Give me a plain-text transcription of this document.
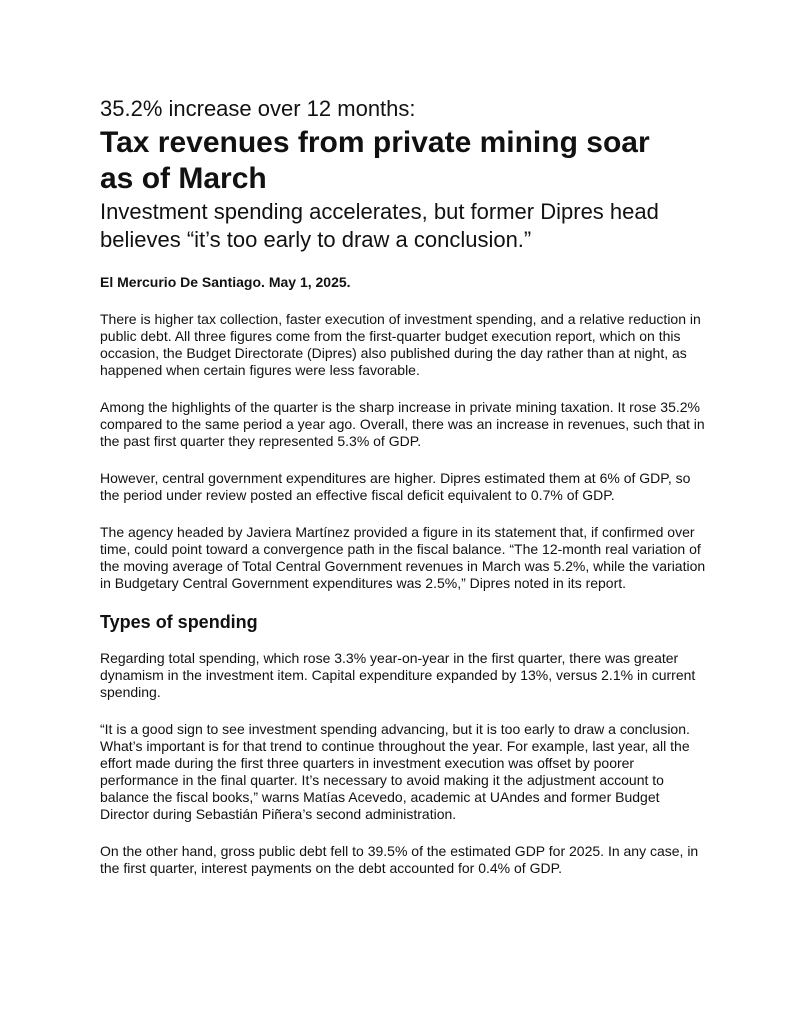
35.2% increase over 12 months:

Tax revenues from private mining soar
as of March

Investment spending accelerates, but former Dipres head
believes “it’s too early to draw a conclusion.”

El Mercurio De Santiago. May 1, 2025.

There is higher tax collection, faster execution of investment spending, and a relative reduction in public debt. All three figures come from the first-quarter budget execution report, which on this occasion, the Budget Directorate (Dipres) also published during the day rather than at night, as happened when certain figures were less favorable.

Among the highlights of the quarter is the sharp increase in private mining taxation. It rose 35.2% compared to the same period a year ago. Overall, there was an increase in revenues, such that in the past first quarter they represented 5.3% of GDP.

However, central government expenditures are higher. Dipres estimated them at 6% of GDP, so the period under review posted an effective fiscal deficit equivalent to 0.7% of GDP.

The agency headed by Javiera Martínez provided a figure in its statement that, if confirmed over time, could point toward a convergence path in the fiscal balance. “The 12-month real variation of the moving average of Total Central Government revenues in March was 5.2%, while the variation in Budgetary Central Government expenditures was 2.5%,” Dipres noted in its report.

Types of spending

Regarding total spending, which rose 3.3% year-on-year in the first quarter, there was greater dynamism in the investment item. Capital expenditure expanded by 13%, versus 2.1% in current spending.

“It is a good sign to see investment spending advancing, but it is too early to draw a conclusion. What’s important is for that trend to continue throughout the year. For example, last year, all the effort made during the first three quarters in investment execution was offset by poorer performance in the final quarter. It’s necessary to avoid making it the adjustment account to balance the fiscal books,” warns Matías Acevedo, academic at UAndes and former Budget Director during Sebastián Piñera’s second administration.

On the other hand, gross public debt fell to 39.5% of the estimated GDP for 2025. In any case, in the first quarter, interest payments on the debt accounted for 0.4% of GDP.
